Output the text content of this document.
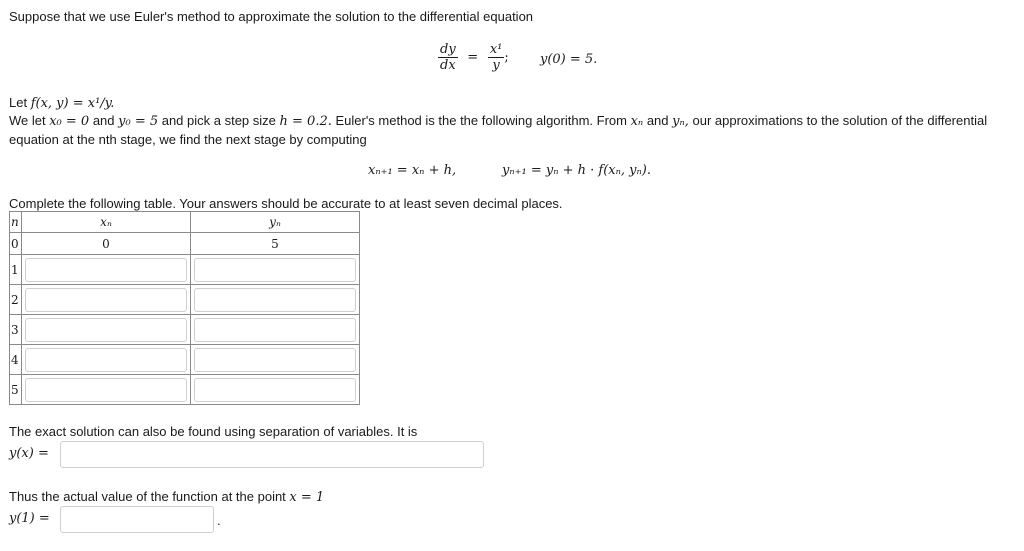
Suppose that we use Euler's method to approximate the solution to the differential equation
$\frac{dy}{dx} = \frac{\text{x¹}}{y}$ ; y(0) = 5.
Let f(x, y) = x¹/y.
We let x₀ = 0 and y₀ = 5 and pick a step size h = 0.2. Euler's method is the the following algorithm. From xₙ and yₙ, our approximations to the solution of the differential
equation at the nth stage, we find the next stage by computing
xₙ₊₁ = xₙ + h,	yₙ₊₁ = yₙ + h · f(xₙ, yₙ).
Complete the following table. Your answers should be accurate to at least seven decimal places.
n	xₙ	yₙ
0	0	5
1	

2	

3	

4	

5	

The exact solution can also be found using separation of variables. It is
y(x) =
Thus the actual value of the function at the point x = 1
y(1) =	.
